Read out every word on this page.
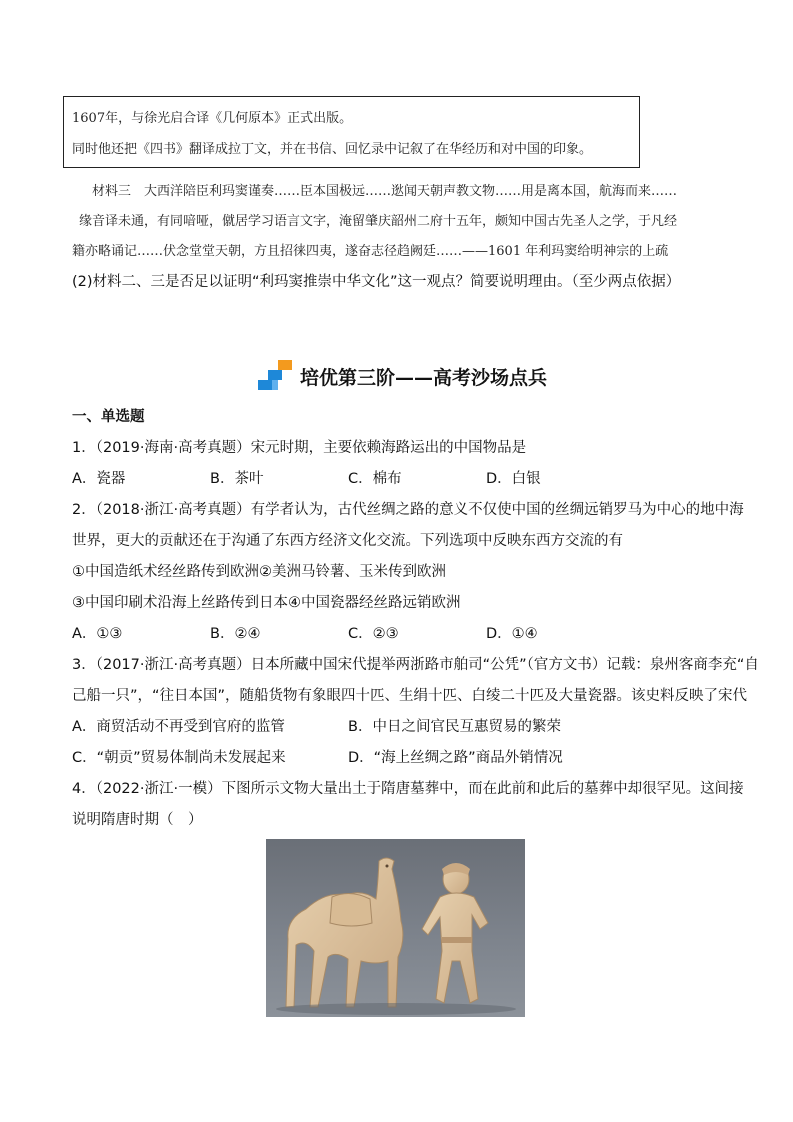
1607年，与徐光启合译《几何原本》正式出版。
同时他还把《四书》翻译成拉丁文，并在书信、回忆录中记叙了在华经历和对中国的印象。
材料三　大西洋陪臣利玛窦谨奏……臣本国极远……逖闻天朝声教文物……用是离本国，航海而来……
缘音译未通，有同喑哑，僦居学习语言文字，淹留肇庆韶州二府十五年，颇知中国古先圣人之学，于凡经
籍亦略诵记……伏念堂堂天朝，方且招徕四夷，遂奋志径趋阙廷……——1601 年利玛窦给明神宗的上疏
(2)材料二、三是否足以证明“利玛窦推崇中华文化”这一观点？简要说明理由。（至少两点依据）
培优第三阶——高考沙场点兵
一、单选题
1．（2019·海南·高考真题）宋元时期，主要依赖海路运出的中国物品是
A．瓷器	B．茶叶	C．棉布	D．白银
2．（2018·浙江·高考真题）有学者认为，古代丝绸之路的意义不仅使中国的丝绸远销罗马为中心的地中海
世界，更大的贡献还在于沟通了东西方经济文化交流。下列选项中反映东西方交流的有
①中国造纸术经丝路传到欧洲②美洲马铃薯、玉米传到欧洲
③中国印刷术沿海上丝路传到日本④中国瓷器经丝路远销欧洲
A．①③	B．②④	C．②③	D．①④
3．（2017·浙江·高考真题）日本所藏中国宋代提举两浙路市舶司“公凭”（官方文书）记载：泉州客商李充“自
己船一只”，“往日本国”，随船货物有象眼四十匹、生绢十匹、白绫二十匹及大量瓷器。该史料反映了宋代
A．商贸活动不再受到官府的监管	B．中日之间官民互惠贸易的繁荣
C．“朝贡”贸易体制尚未发展起来	D．“海上丝绸之路”商品外销情况
4．（2022·浙江·一模）下图所示文物大量出土于隋唐墓葬中，而在此前和此后的墓葬中却很罕见。这间接
说明隋唐时期（　）
